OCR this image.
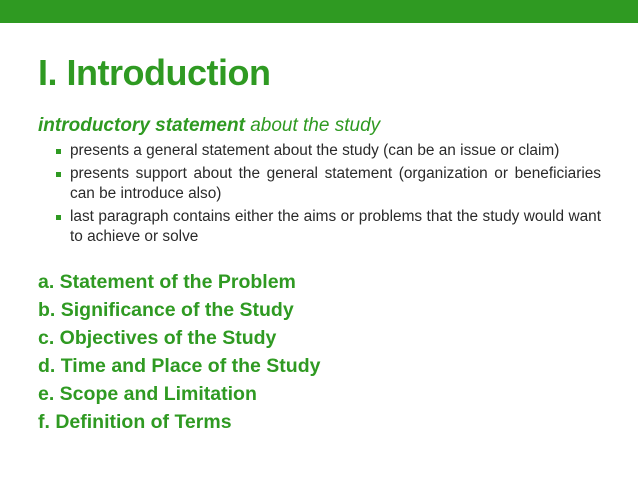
I. Introduction
introductory statement about the study
presents a general statement about the study (can be an issue or claim)
presents support about the general statement (organization or beneficiaries can be introduce also)
last paragraph contains either the aims or problems that the study would want to achieve or solve
a. Statement of the Problem
b. Significance of the Study
c. Objectives of the Study
d. Time and Place of the Study
e. Scope and Limitation
f. Definition of Terms
